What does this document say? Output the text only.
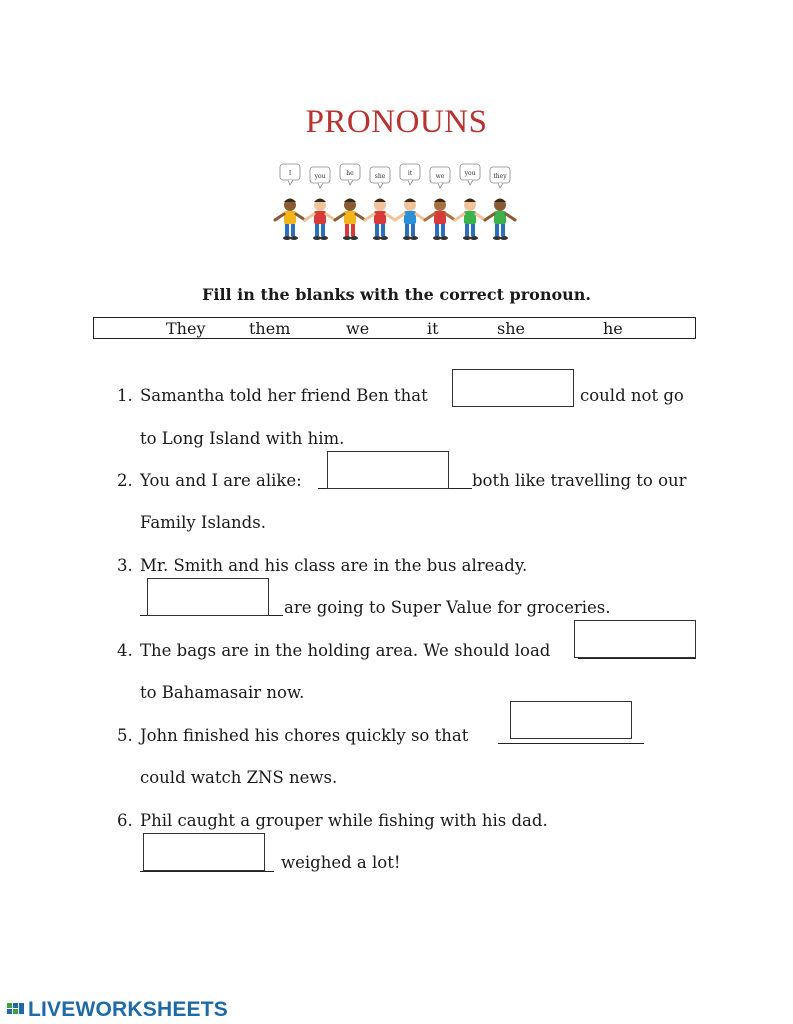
PRONOUNS
I	you	he	she	it	we	you	they
Fill in the blanks with the correct pronoun.
They	them	we	it	she	he
1. Samantha told her friend Ben that	could not go
to Long Island with him.
2. You and I are alike:	both like travelling to our
Family Islands.
3. Mr. Smith and his class are in the bus already.
are going to Super Value for groceries.
4. The bags are in the holding area. We should load
to Bahamasair now.
5. John finished his chores quickly so that
could watch ZNS news.
6. Phil caught a grouper while fishing with his dad.
weighed a lot!
LIVEWORKSHEETS
